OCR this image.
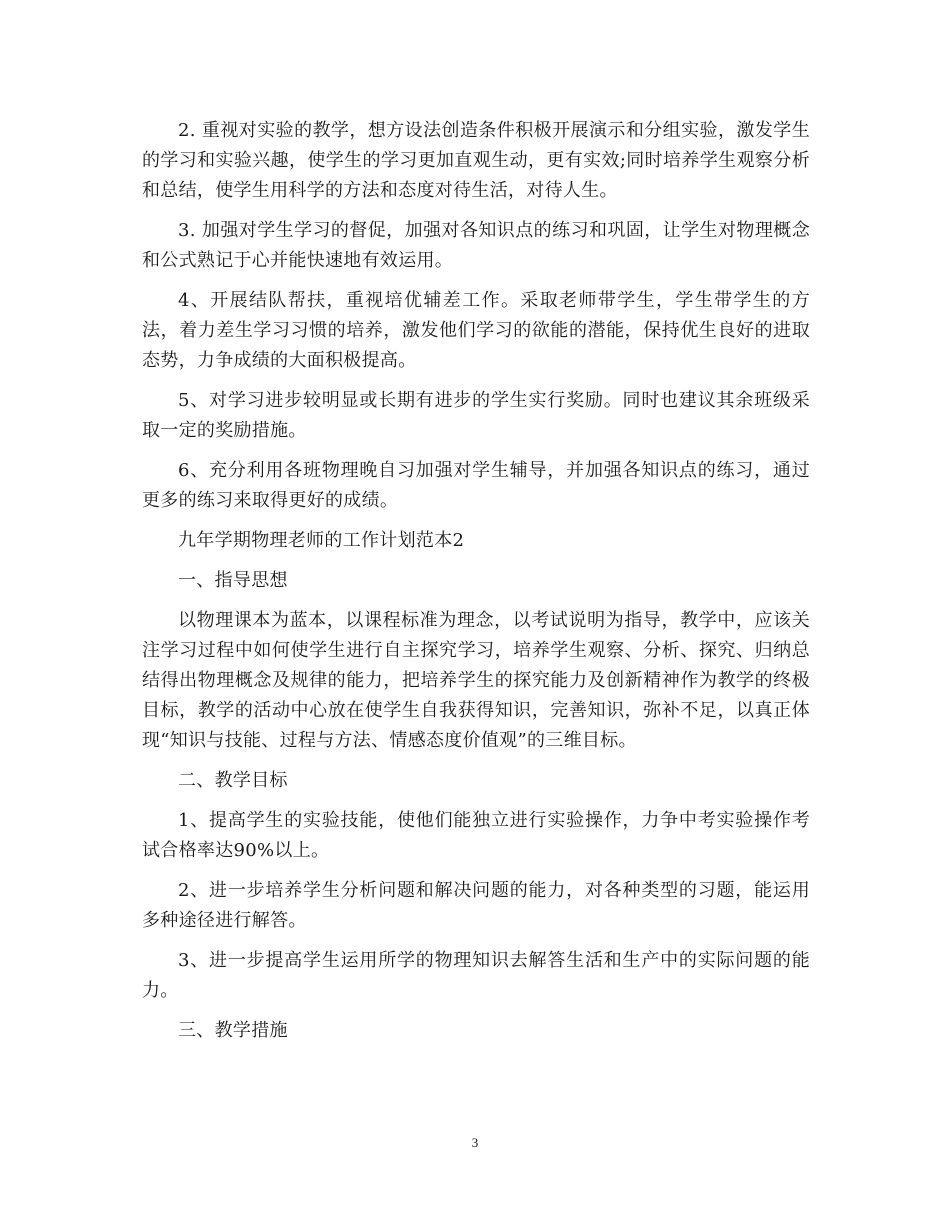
2. 重视对实验的教学，想方设法创造条件积极开展演示和分组实验，激发学生的学习和实验兴趣，使学生的学习更加直观生动，更有实效;同时培养学生观察分析和总结，使学生用科学的方法和态度对待生活，对待人生。

3. 加强对学生学习的督促，加强对各知识点的练习和巩固，让学生对物理概念和公式熟记于心并能快速地有效运用。

4、开展结队帮扶，重视培优辅差工作。采取老师带学生，学生带学生的方法，着力差生学习习惯的培养，激发他们学习的欲能的潜能，保持优生良好的进取态势，力争成绩的大面积极提高。

5、对学习进步较明显或长期有进步的学生实行奖励。同时也建议其余班级采取一定的奖励措施。

6、充分利用各班物理晚自习加强对学生辅导，并加强各知识点的练习，通过更多的练习来取得更好的成绩。

九年学期物理老师的工作计划范本2

一、指导思想

以物理课本为蓝本，以课程标准为理念，以考试说明为指导，教学中，应该关注学习过程中如何使学生进行自主探究学习，培养学生观察、分析、探究、归纳总结得出物理概念及规律的能力，把培养学生的探究能力及创新精神作为教学的终极目标，教学的活动中心放在使学生自我获得知识，完善知识，弥补不足，以真正体现“知识与技能、过程与方法、情感态度价值观”的三维目标。

二、教学目标

1、提高学生的实验技能，使他们能独立进行实验操作，力争中考实验操作考试合格率达90%以上。

2、进一步培养学生分析问题和解决问题的能力，对各种类型的习题，能运用多种途径进行解答。

3、进一步提高学生运用所学的物理知识去解答生活和生产中的实际问题的能力。

三、教学措施

3
